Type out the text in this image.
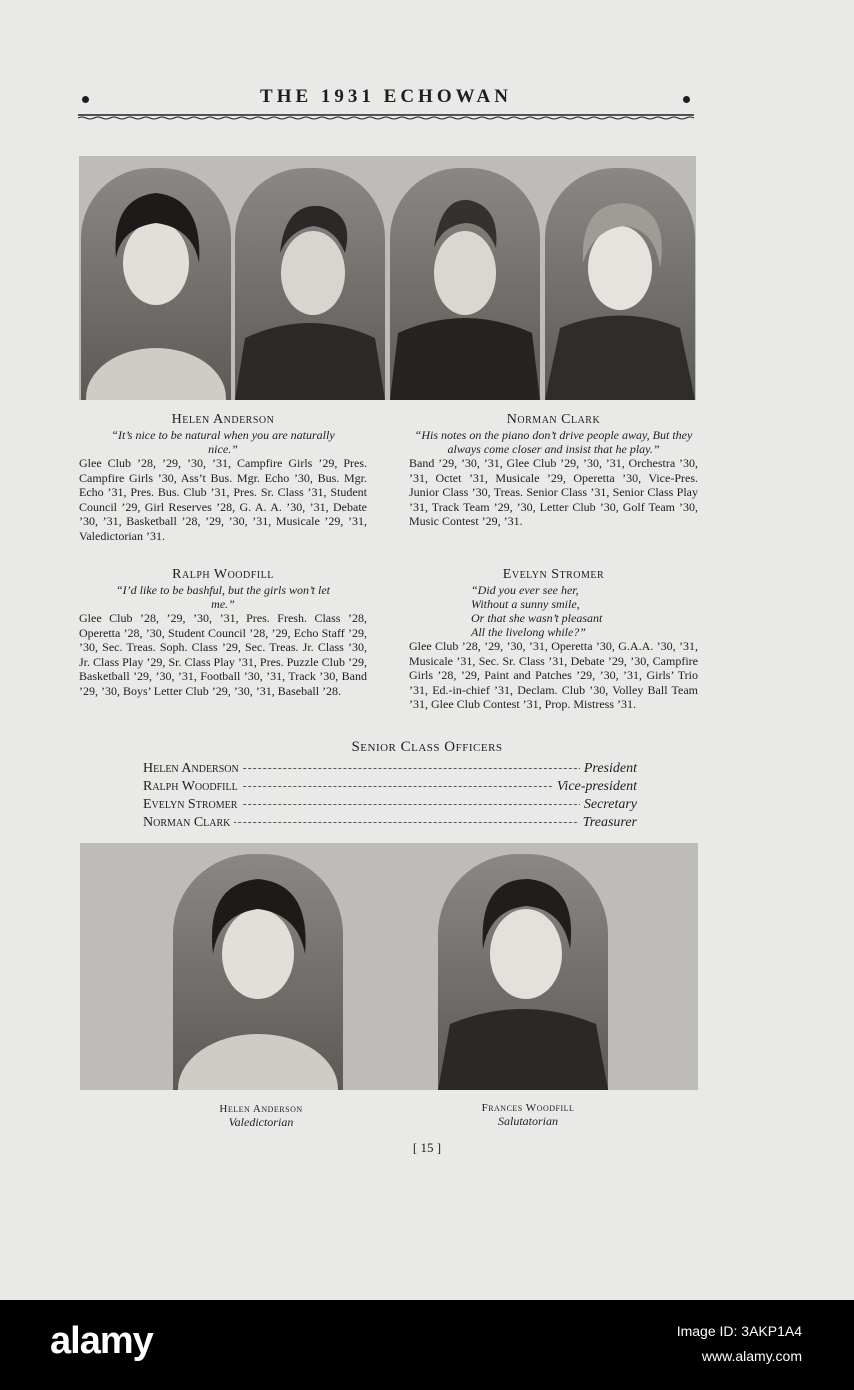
THE 1931 ECHOWAN
Helen Anderson
“It’s nice to be natural when you are naturally nice.”
Glee Club ’28, ’29, ’30, ’31, Campfire Girls ’29, Pres. Campfire Girls ’30, Ass’t Bus. Mgr. Echo ’30, Bus. Mgr. Echo ’31, Pres. Bus. Club ’31, Pres. Sr. Class ’31, Student Council ’29, Girl Reserves ’28, G. A. A. ’30, ’31, Debate ’30, ’31, Basketball ’28, ’29, ’30, ’31, Musicale ’29, ’31, Valedictorian ’31.
Norman Clark
“His notes on the piano don’t drive people away, But they always come closer and insist that he play.”
Band ’29, ’30, ’31, Glee Club ’29, ’30, ’31, Orchestra ’30, ’31, Octet ’31, Musicale ’29, Operetta ’30, Vice-Pres. Junior Class ’30, Treas. Senior Class ’31, Senior Class Play ’31, Track Team ’29, ’30, Letter Club ’30, Golf Team ’30, Music Contest ’29, ’31.
Ralph Woodfill
“I’d like to be bashful, but the girls won’t let me.”
Glee Club ’28, ’29, ’30, ’31, Pres. Fresh. Class ’28, Operetta ’28, ’30, Student Council ’28, ’29, Echo Staff ’29, ’30, Sec. Treas. Soph. Class ’29, Sec. Treas. Jr. Class ’30, Jr. Class Play ’29, Sr. Class Play ’31, Pres. Puzzle Club ’29, Basketball ’29, ’30, ’31, Football ’30, ’31, Track ’30, Band ’29, ’30, Boys’ Letter Club ’29, ’30, ’31, Baseball ’28.
Evelyn Stromer
“Did you ever see her,
Without a sunny smile,
Or that she wasn’t pleasant
All the livelong while?”
Glee Club ’28, ’29, ’30, ’31, Operetta ’30, G.A.A. ’30, ’31, Musicale ’31, Sec. Sr. Class ’31, Debate ’29, ’30, Campfire Girls ’28, ’29, Paint and Patches ’29, ’30, ’31, Girls’ Trio ’31, Ed.-in-chief ’31, Declam. Club ’30, Volley Ball Team ’31, Glee Club Contest ’31, Prop. Mistress ’31.
Senior Class Officers
Helen Anderson	President
Ralph Woodfill	Vice-president
Evelyn Stromer	Secretary
Norman Clark	Treasurer
Helen Anderson
Valedictorian
Frances Woodfill
Salutatorian
[ 15 ]
alamy	Image ID: 3AKP1A4
www.alamy.com
